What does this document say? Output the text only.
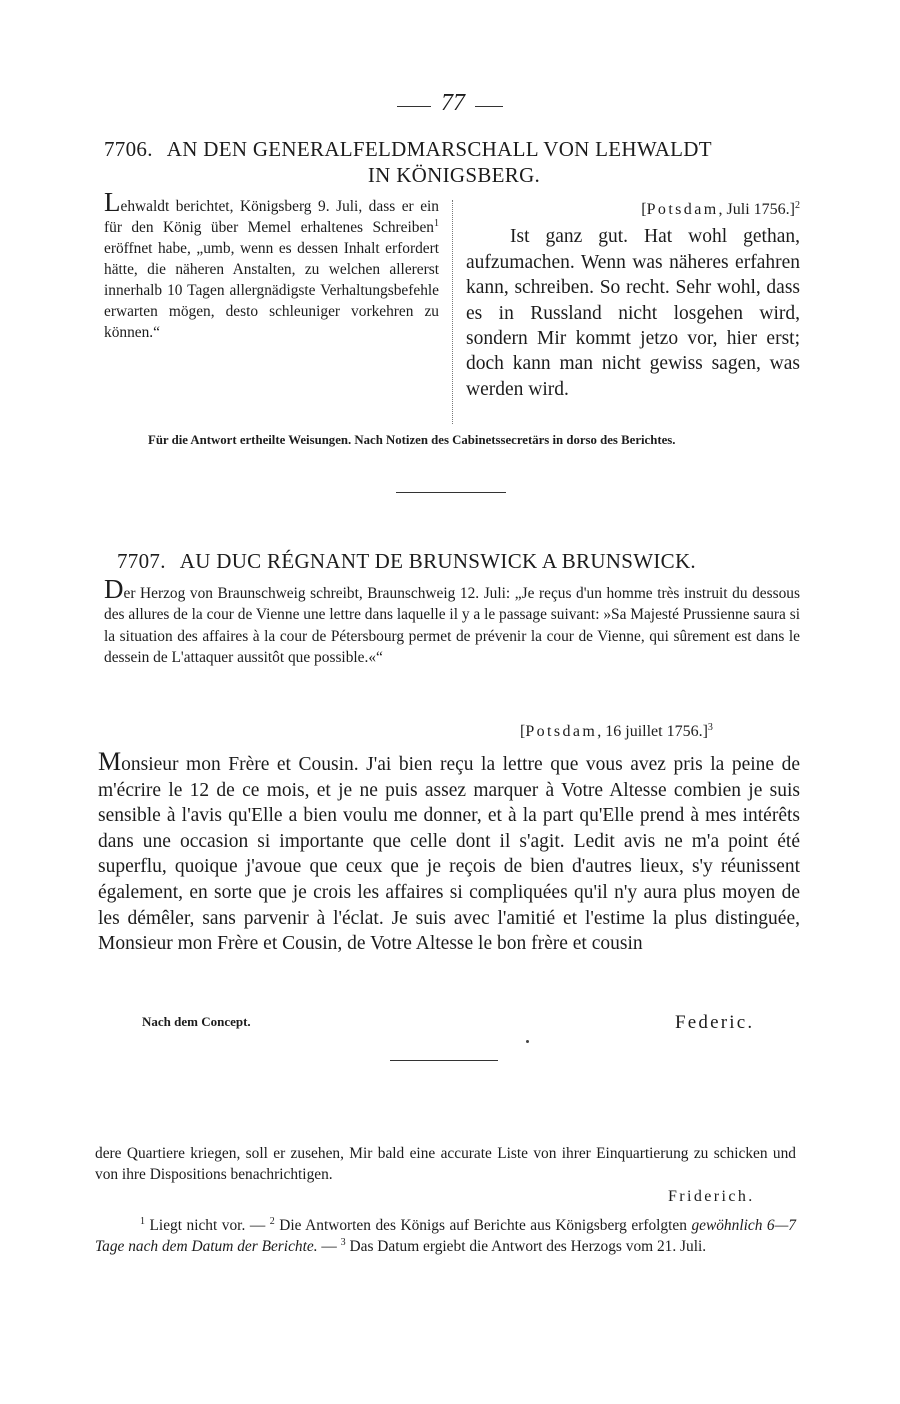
77
7706. AN DEN GENERALFELDMARSCHALL VON LEHWALDT
IN KÖNIGSBERG.
Lehwaldt berichtet, Königsberg 9. Juli, dass er ein für den König über Memel erhaltenes Schreiben$^1$ eröffnet habe, „umb, wenn es dessen Inhalt erfordert hätte, die näheren Anstalten, zu welchen allererst innerhalb 10 Tagen allergnädigste Verhaltungsbefehle erwarten mögen, desto schleuniger vorkehren zu können.“
[Potsdam, Juli 1756.]$^2$
Ist ganz gut. Hat wohl gethan, aufzumachen. Wenn was näheres erfahren kann, schreiben. So recht. Sehr wohl, dass es in Russland nicht losgehen wird, sondern Mir kommt jetzo vor, hier erst; doch kann man nicht gewiss sagen, was werden wird.
Für die Antwort ertheilte Weisungen. Nach Notizen des Cabinetssecretärs in dorso des Berichtes.
7707. AU DUC RÉGNANT DE BRUNSWICK A BRUNSWICK.
Der Herzog von Braunschweig schreibt, Braunschweig 12. Juli: „Je reçus d'un homme très instruit du dessous des allures de la cour de Vienne une lettre dans laquelle il y a le passage suivant: »Sa Majesté Prussienne saura si la situation des affaires à la cour de Pétersbourg permet de prévenir la cour de Vienne, qui sûrement est dans le dessein de L'attaquer aussitôt que possible.«“
[Potsdam, 16 juillet 1756.]$^3$
Monsieur mon Frère et Cousin. J'ai bien reçu la lettre que vous avez pris la peine de m'écrire le 12 de ce mois, et je ne puis assez marquer à Votre Altesse combien je suis sensible à l'avis qu'Elle a bien voulu me donner, et à la part qu'Elle prend à mes intérêts dans une occasion si importante que celle dont il s'agit. Ledit avis ne m'a point été superflu, quoique j'avoue que ceux que je reçois de bien d'autres lieux, s'y réunissent également, en sorte que je crois les affaires si compliquées qu'il n'y aura plus moyen de les démêler, sans parvenir à l'éclat. Je suis avec l'amitié et l'estime la plus distinguée, Monsieur mon Frère et Cousin, de Votre Altesse le bon frère et cousin
Nach dem Concept.	Federic.
dere Quartiere kriegen, soll er zusehen, Mir bald eine accurate Liste von ihrer Einquartierung zu schicken und von ihre Dispositions benachrichtigen.
Friderich.
$^1$ Liegt nicht vor. — $^2$ Die Antworten des Königs auf Berichte aus Königsberg erfolgten gewöhnlich 6—7 Tage nach dem Datum der Berichte. — $^3$ Das Datum ergiebt die Antwort des Herzogs vom 21. Juli.
